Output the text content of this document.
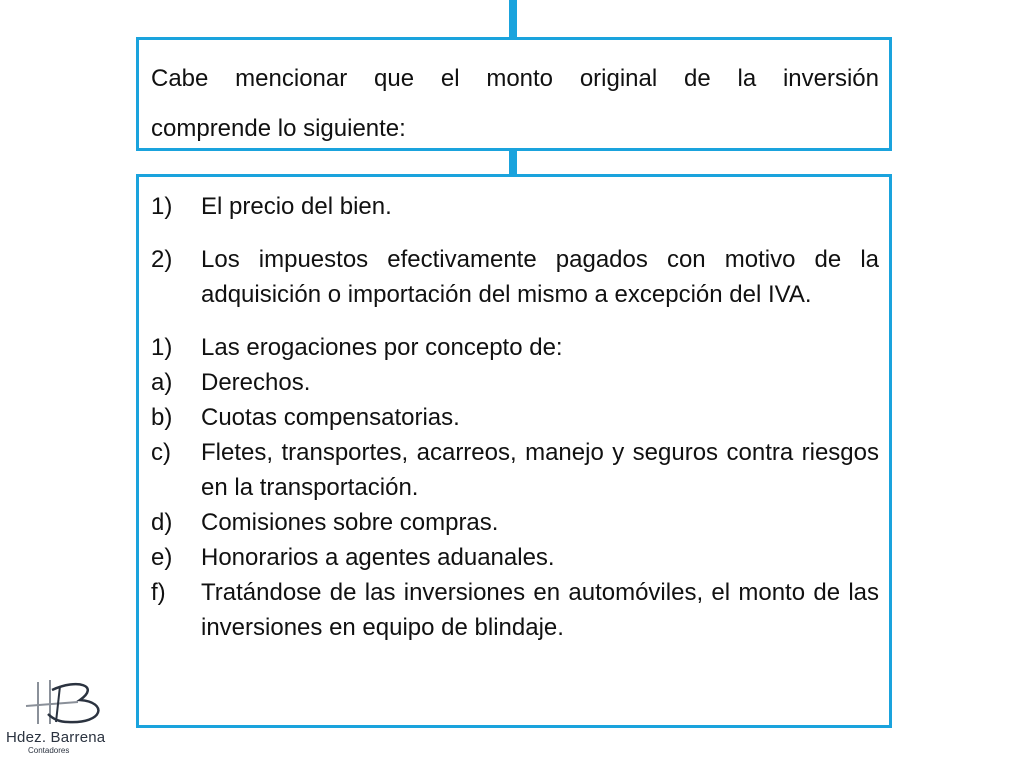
Cabe mencionar que el monto original de la inversión
comprende lo siguiente:

1)	El precio del bien.
2)	Los impuestos efectivamente pagados con motivo de la adquisición o importación del mismo a excepción del IVA.
1)	Las erogaciones por concepto de:
a)	Derechos.
b)	Cuotas compensatorias.
c)	Fletes, transportes, acarreos, manejo y seguros contra riesgos en la transportación.
d)	Comisiones sobre compras.
e)	Honorarios a agentes aduanales.
f)	Tratándose de las inversiones en automóviles, el monto de las inversiones en equipo de blindaje.
Hdez. Barrena
Contadores
